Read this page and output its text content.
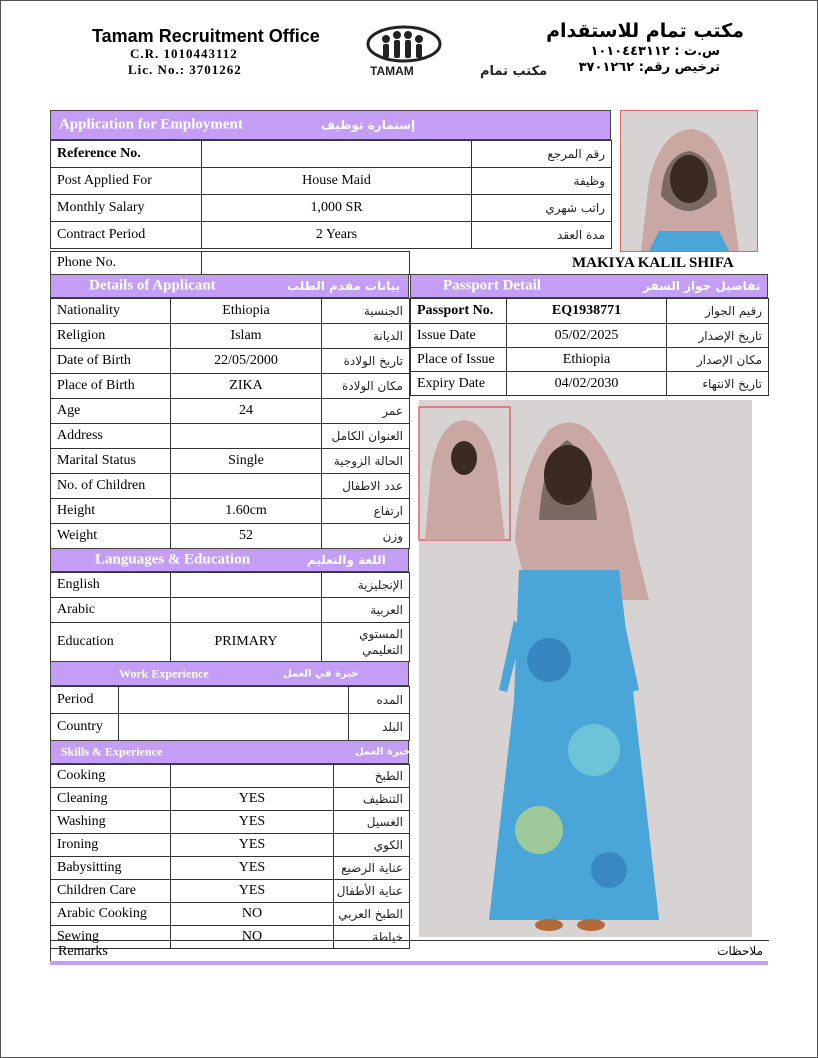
Tamam Recruitment Office
C.R. 1010443112
Lic. No.: 3701262	TAMAM	مكتب تمام
مكتب تمام للاستقدام
س.ت : ١٠١٠٤٤٣١١٢
ترخيص رقم: ٣٧٠١٢٦٢
Application for Employment	إستمارة توظيف
Reference No.		رقم المرجع
Post Applied For	House Maid	وظيفة
Monthly Salary	1,000 SR	راتب شهري
Contract Period	2 Years	مدة العقد
Phone No.		MAKIYA KALIL SHIFA
Details of Applicant	بيانات مقدم الطلب
Nationality	Ethiopia	الجنسية
Religion	Islam	الديانة
Date of Birth	22/05/2000	تاريخ الولادة
Place of Birth	ZIKA	مكان الولادة
Age	24	عمر
Address		العنوان الكامل
Marital Status	Single	الحالة الزوجية
No. of Children		عدد الاطفال
Height	1.60cm	ارتفاع
Weight	52	وزن
Passport Detail	تفاصيل جواز السفر
Passport No.	EQ1938771	رقيم الجواز
Issue Date	05/02/2025	تاريخ الإصدار
Place of Issue	Ethiopia	مكان الإصدار
Expiry Date	04/02/2030	تاريخ الانتهاء
Languages & Education	اللغة والتعليم
English		الإنجليزية
Arabic		العربية
Education	PRIMARY	المستوي التعليمي
Work Experience	خبرة في العمل
Period		المده
Country		البلد
Skills & Experience	خبرة العمل
Cooking		الطبخ
Cleaning	YES	التنظيف
Washing	YES	الغسيل
Ironing	YES	الكوي
Babysitting	YES	عناية الرضيع
Children Care	YES	عناية الأطفال
Arabic Cooking	NO	الطبخ العربي
Sewing	NO	خياطة
Remarks	ملاحظات
